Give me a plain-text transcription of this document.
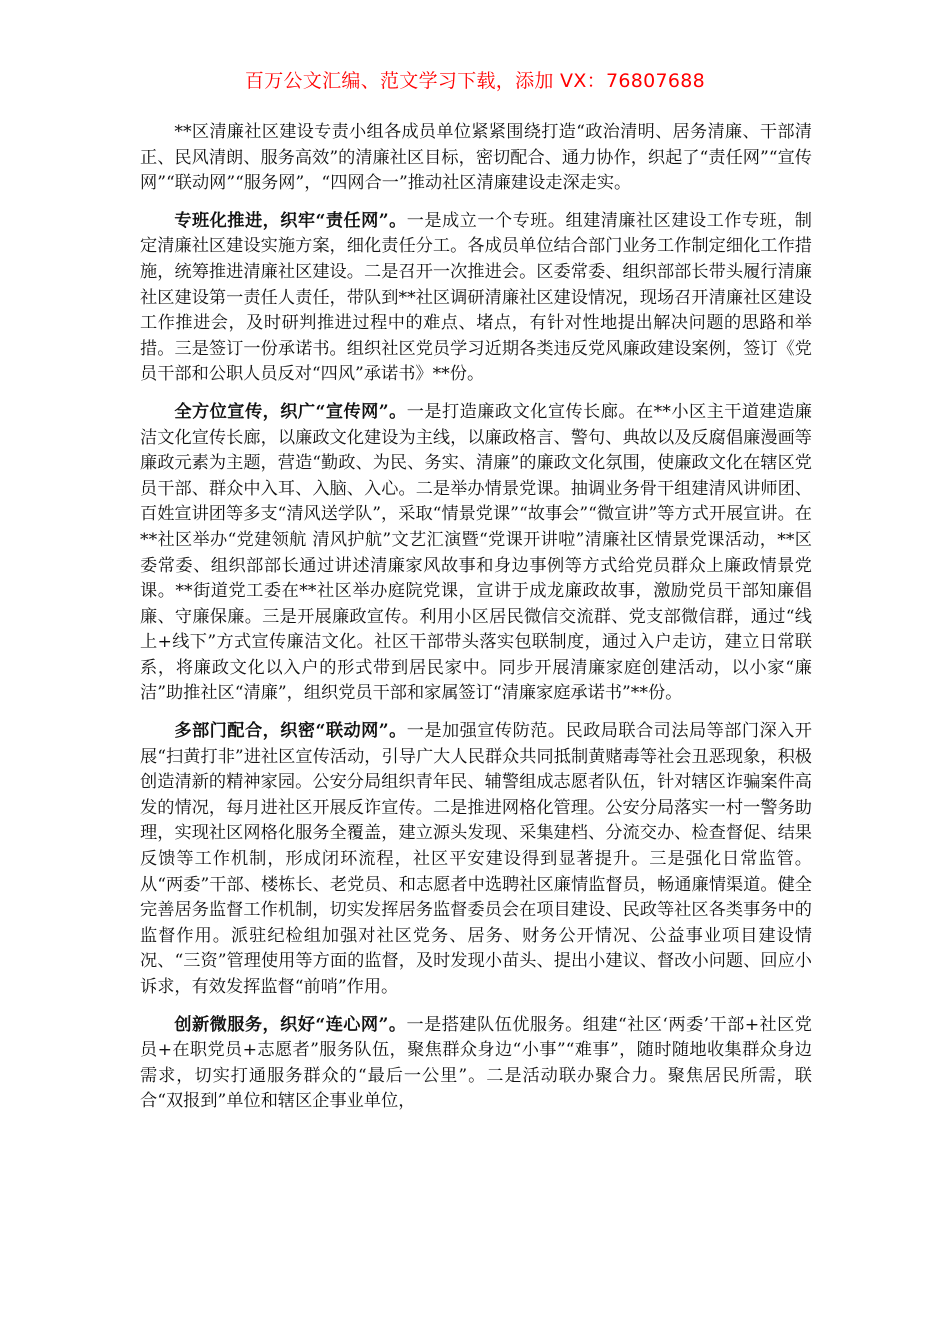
百万公文汇编、范文学习下载，添加 VX：76807688

**区清廉社区建设专责小组各成员单位紧紧围绕打造“政治清明、居务清廉、干部清正、民风清朗、服务高效”的清廉社区目标，密切配合、通力协作，织起了“责任网”“宣传网”“联动网”“服务网”，“四网合一”推动社区清廉建设走深走实。

专班化推进，织牢“责任网”。一是成立一个专班。组建清廉社区建设工作专班，制定清廉社区建设实施方案，细化责任分工。各成员单位结合部门业务工作制定细化工作措施，统筹推进清廉社区建设。二是召开一次推进会。区委常委、组织部部长带头履行清廉社区建设第一责任人责任，带队到**社区调研清廉社区建设情况，现场召开清廉社区建设工作推进会，及时研判推进过程中的难点、堵点，有针对性地提出解决问题的思路和举措。三是签订一份承诺书。组织社区党员学习近期各类违反党风廉政建设案例，签订《党员干部和公职人员反对“四风”承诺书》**份。

全方位宣传，织广“宣传网”。一是打造廉政文化宣传长廊。在**小区主干道建造廉洁文化宣传长廊，以廉政文化建设为主线，以廉政格言、警句、典故以及反腐倡廉漫画等廉政元素为主题，营造“勤政、为民、务实、清廉”的廉政文化氛围，使廉政文化在辖区党员干部、群众中入耳、入脑、入心。二是举办情景党课。抽调业务骨干组建清风讲师团、百姓宣讲团等多支“清风送学队”，采取“情景党课”“故事会”“微宣讲”等方式开展宣讲。在**社区举办“党建领航 清风护航”文艺汇演暨“党课开讲啦”清廉社区情景党课活动，**区委常委、组织部部长通过讲述清廉家风故事和身边事例等方式给党员群众上廉政情景党课。**街道党工委在**社区举办庭院党课，宣讲于成龙廉政故事，激励党员干部知廉倡廉、守廉保廉。三是开展廉政宣传。利用小区居民微信交流群、党支部微信群，通过“线上+线下”方式宣传廉洁文化。社区干部带头落实包联制度，通过入户走访，建立日常联系，将廉政文化以入户的形式带到居民家中。同步开展清廉家庭创建活动，以小家“廉洁”助推社区“清廉”，组织党员干部和家属签订“清廉家庭承诺书”**份。

多部门配合，织密“联动网”。一是加强宣传防范。民政局联合司法局等部门深入开展“扫黄打非”进社区宣传活动，引导广大人民群众共同抵制黄赌毒等社会丑恶现象，积极创造清新的精神家园。公安分局组织青年民、辅警组成志愿者队伍，针对辖区诈骗案件高发的情况，每月进社区开展反诈宣传。二是推进网格化管理。公安分局落实一村一警务助理，实现社区网格化服务全覆盖，建立源头发现、采集建档、分流交办、检查督促、结果反馈等工作机制，形成闭环流程，社区平安建设得到显著提升。三是强化日常监管。从“两委”干部、楼栋长、老党员、和志愿者中选聘社区廉情监督员，畅通廉情渠道。健全完善居务监督工作机制，切实发挥居务监督委员会在项目建设、民政等社区各类事务中的监督作用。派驻纪检组加强对社区党务、居务、财务公开情况、公益事业项目建设情况、“三资”管理使用等方面的监督，及时发现小苗头、提出小建议、督改小问题、回应小诉求，有效发挥监督“前哨”作用。

创新微服务，织好“连心网”。一是搭建队伍优服务。组建“社区‘两委’干部+社区党员+在职党员+志愿者”服务队伍，聚焦群众身边“小事”“难事”，随时随地收集群众身边需求，切实打通服务群众的“最后一公里”。二是活动联办聚合力。聚焦居民所需，联合“双报到”单位和辖区企事业单位，
